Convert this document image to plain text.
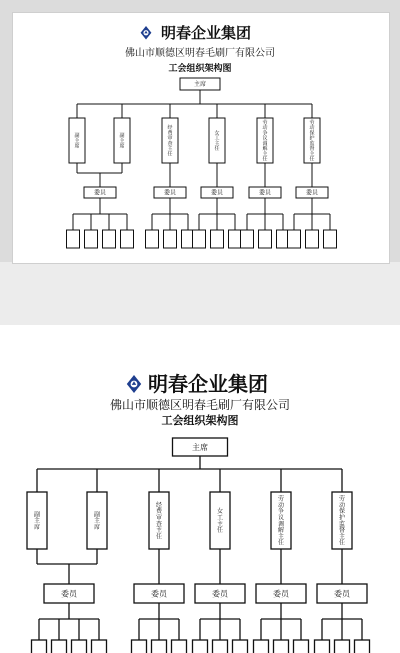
明春企业集团
佛山市顺德区明春毛刷厂有限公司
工会组织架构图
主席
副主席
副主席
经费审查主任
女工主任
劳动争议调解主任
劳动保护监督主任
委员	委员	委员	委员	委员
明春企业集团
佛山市顺德区明春毛刷厂有限公司
工会组织架构图
主席
副主席
副主席
经费审查主任
女工主任
劳动争议调解主任
劳动保护监督主任
委员	委员	委员	委员	委员
